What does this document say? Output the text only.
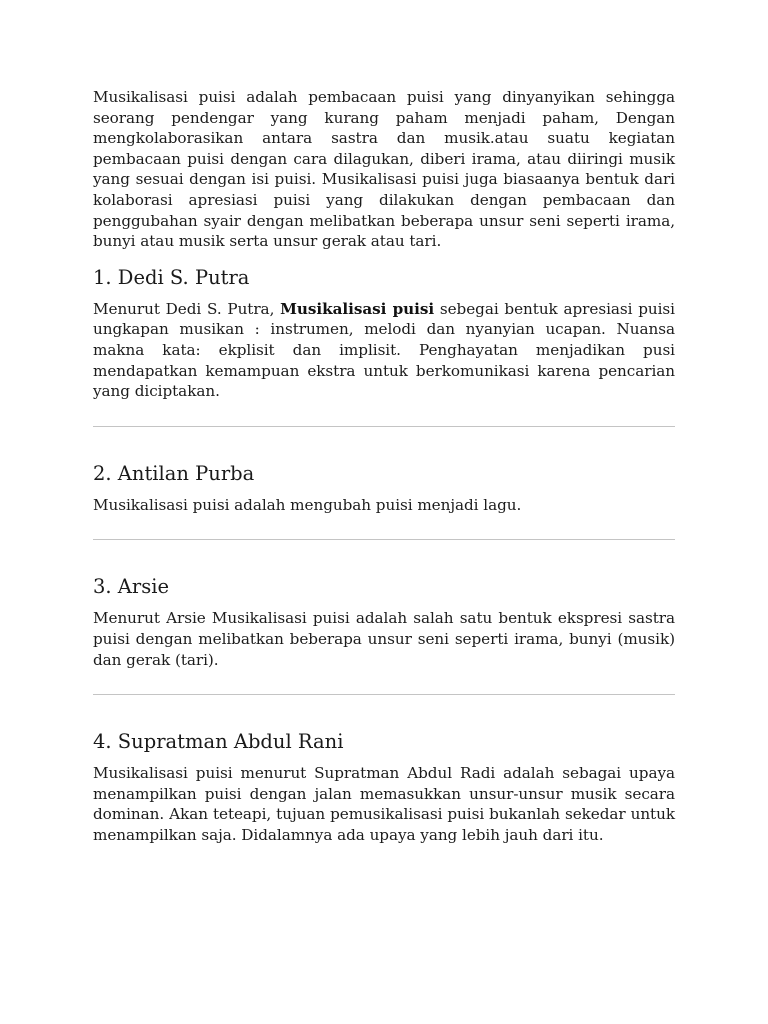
Musikalisasi puisi adalah pembacaan puisi yang dinyanyikan sehingga seorang pendengar yang kurang paham menjadi paham, Dengan mengkolaborasikan antara sastra dan musik.atau suatu kegiatan pembacaan puisi dengan cara dilagukan, diberi irama, atau diiringi musik yang sesuai dengan isi puisi. Musikalisasi puisi juga biasaanya bentuk dari kolaborasi apresiasi puisi yang dilakukan dengan pembacaan dan penggubahan syair dengan melibatkan beberapa unsur seni seperti irama, bunyi atau musik serta unsur gerak atau tari.

1. Dedi S. Putra

Menurut Dedi S. Putra, Musikalisasi puisi sebegai bentuk apresiasi puisi ungkapan musikan : instrumen, melodi dan nyanyian ucapan. Nuansa makna kata: ekplisit dan implisit. Penghayatan menjadikan pusi mendapatkan kemampuan ekstra untuk berkomunikasi karena pencarian yang diciptakan.

2. Antilan Purba

Musikalisasi puisi adalah mengubah puisi menjadi lagu.

3. Arsie

Menurut Arsie Musikalisasi puisi adalah salah satu bentuk ekspresi sastra puisi dengan melibatkan beberapa unsur seni seperti irama, bunyi (musik) dan gerak (tari).

4. Supratman Abdul Rani

Musikalisasi puisi menurut Supratman Abdul Radi adalah sebagai upaya menampilkan puisi dengan jalan memasukkan unsur-unsur musik secara dominan. Akan teteapi, tujuan pemusikalisasi puisi bukanlah sekedar untuk menampilkan saja. Didalamnya ada upaya yang lebih jauh dari itu.
